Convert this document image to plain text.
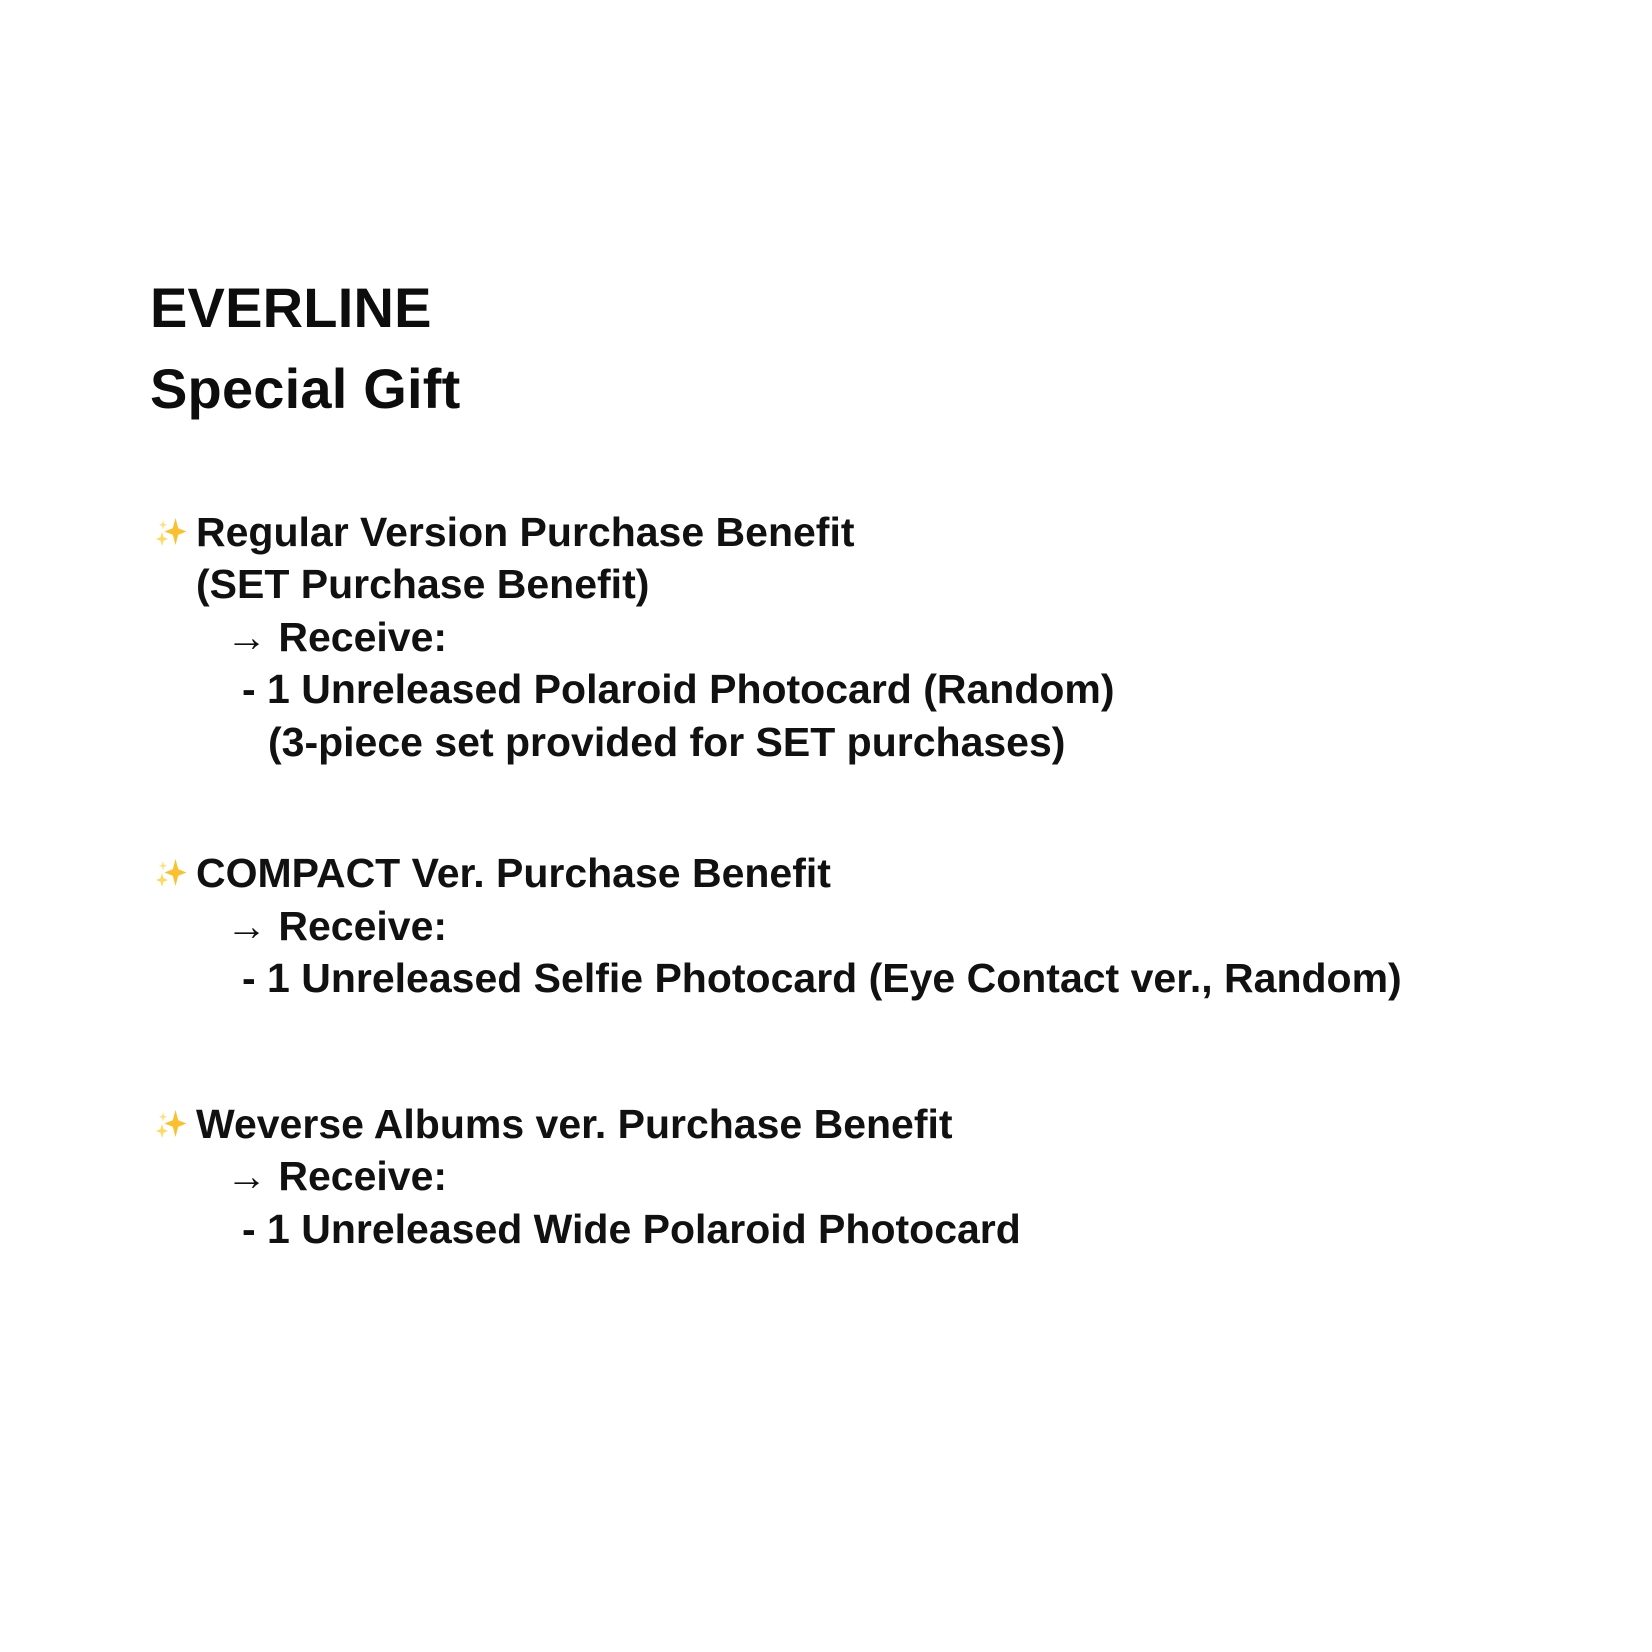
EVERLINE
Special Gift
Regular Version Purchase Benefit
(SET Purchase Benefit)
→ Receive:
- 1 Unreleased Polaroid Photocard (Random)
(3-piece set provided for SET purchases)
COMPACT Ver. Purchase Benefit
→ Receive:
- 1 Unreleased Selfie Photocard (Eye Contact ver., Random)
Weverse Albums ver. Purchase Benefit
→ Receive:
- 1 Unreleased Wide Polaroid Photocard
